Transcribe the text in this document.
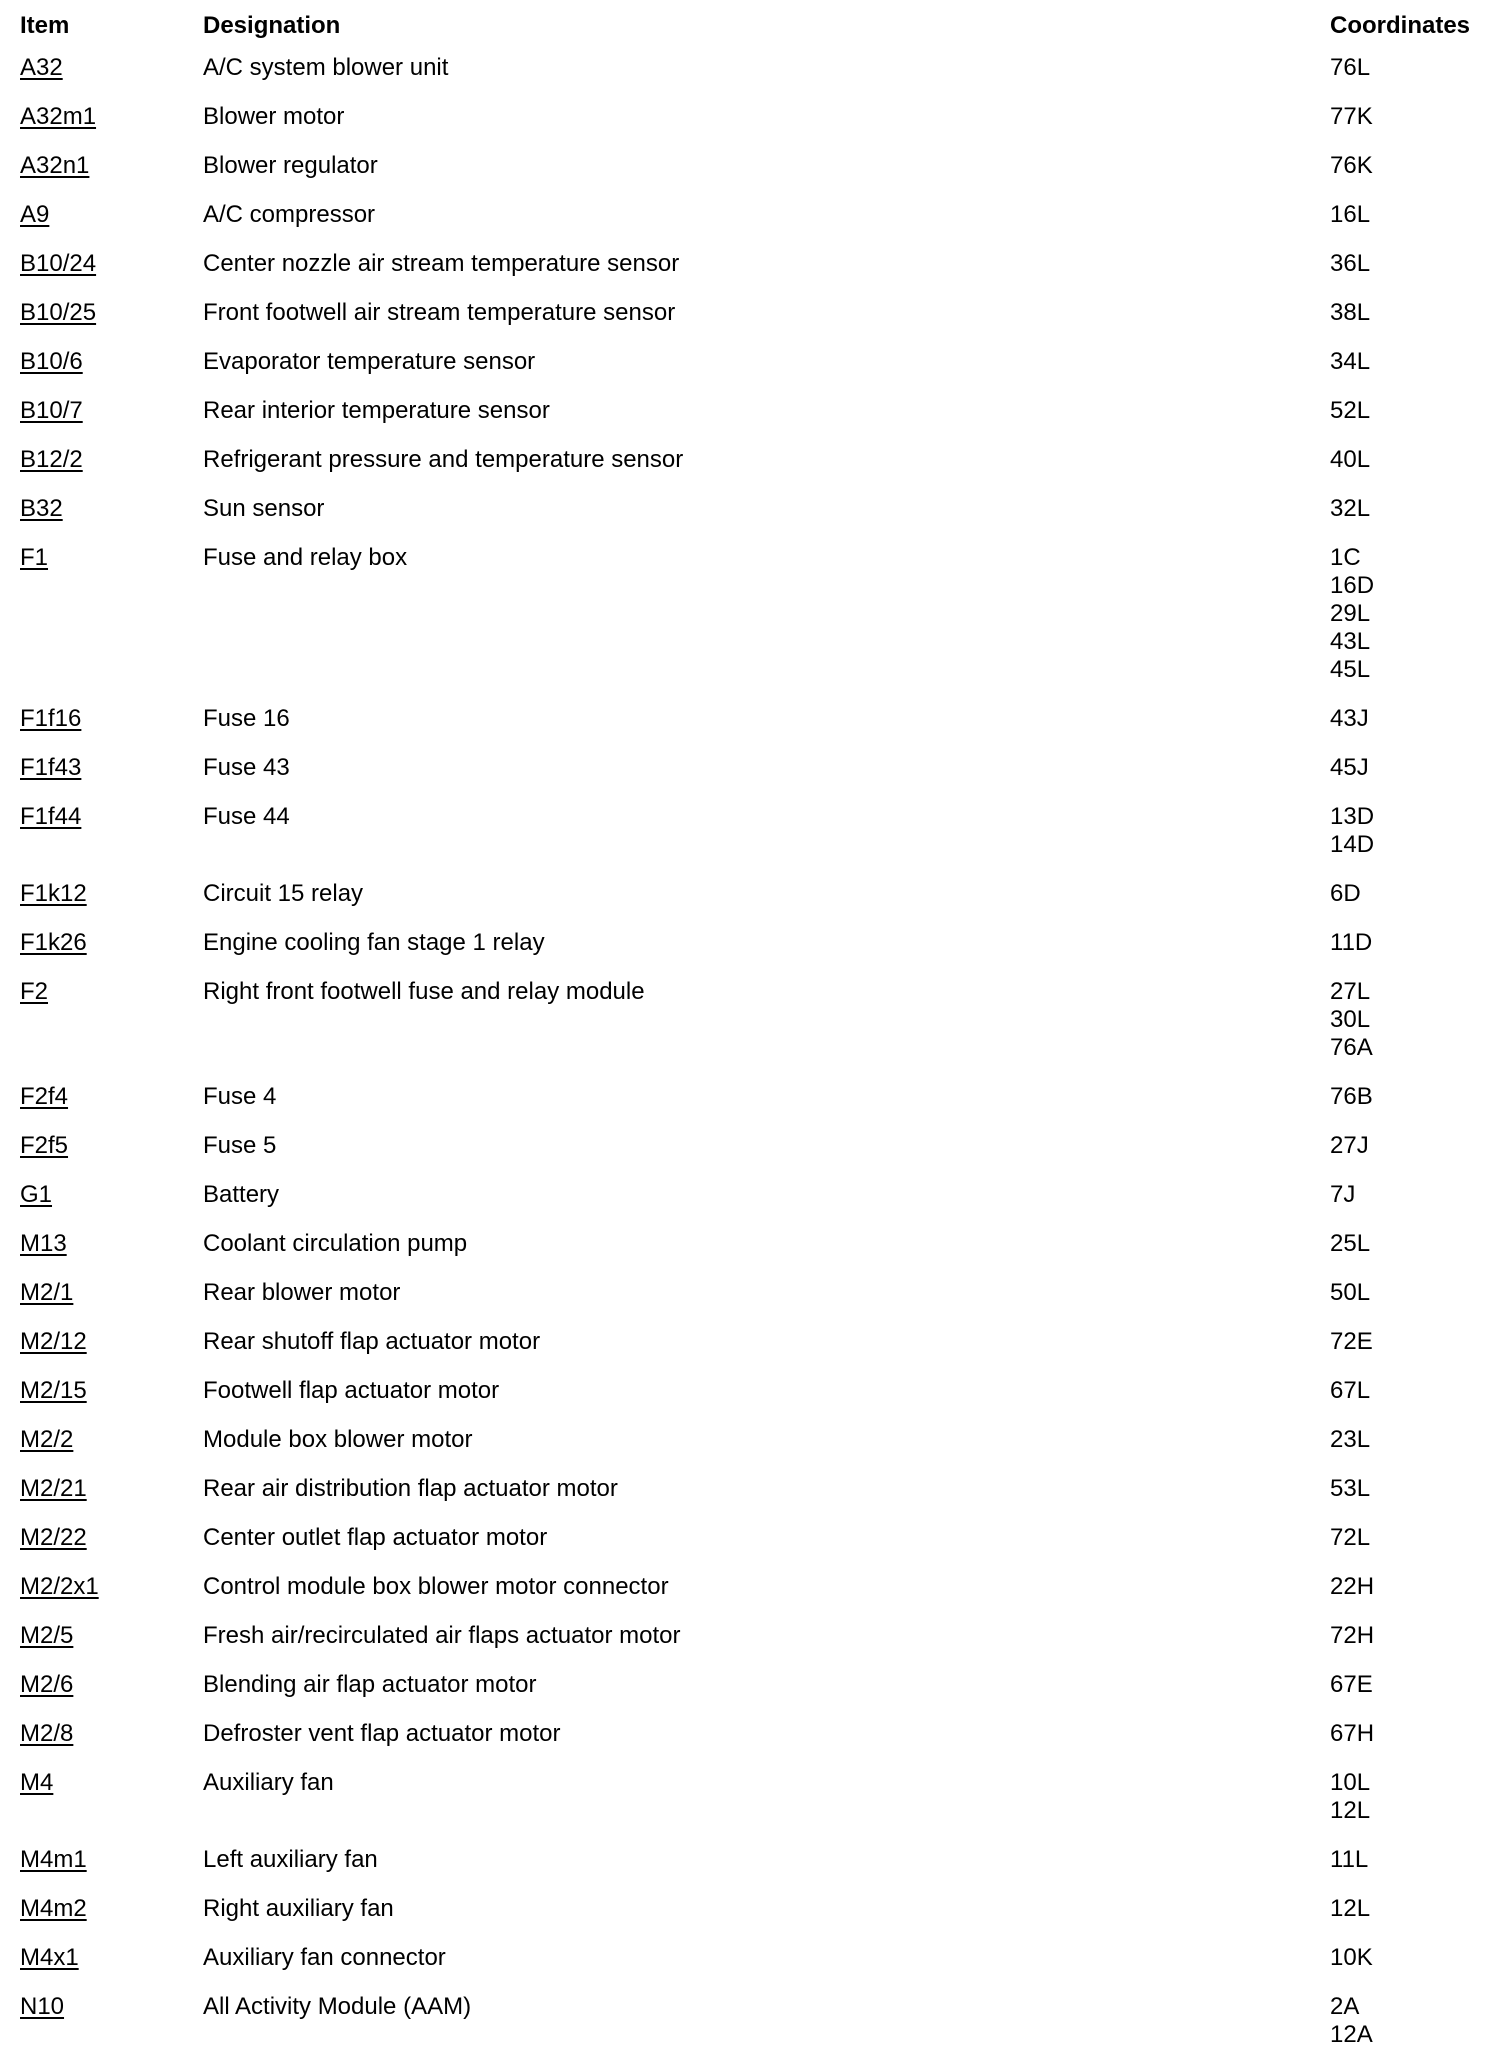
Item	Designation	Coordinates
A32	A/C system blower unit	76L

A32m1	Blower motor	77K

A32n1	Blower regulator	76K

A9	A/C compressor	16L

B10/24	Center nozzle air stream temperature sensor	36L

B10/25	Front footwell air stream temperature sensor	38L

B10/6	Evaporator temperature sensor	34L

B10/7	Rear interior temperature sensor	52L

B12/2	Refrigerant pressure and temperature sensor	40L

B32	Sun sensor	32L

F1	Fuse and relay box	1C
16D
29L
43L
45L

F1f16	Fuse 16	43J

F1f43	Fuse 43	45J

F1f44	Fuse 44	13D
14D

F1k12	Circuit 15 relay	6D

F1k26	Engine cooling fan stage 1 relay	11D

F2	Right front footwell fuse and relay module	27L
30L
76A

F2f4	Fuse 4	76B

F2f5	Fuse 5	27J

G1	Battery	7J

M13	Coolant circulation pump	25L

M2/1	Rear blower motor	50L

M2/12	Rear shutoff flap actuator motor	72E

M2/15	Footwell flap actuator motor	67L

M2/2	Module box blower motor	23L

M2/21	Rear air distribution flap actuator motor	53L

M2/22	Center outlet flap actuator motor	72L

M2/2x1	Control module box blower motor connector	22H

M2/5	Fresh air/recirculated air flaps actuator motor	72H

M2/6	Blending air flap actuator motor	67E

M2/8	Defroster vent flap actuator motor	67H

M4	Auxiliary fan	10L
12L

M4m1	Left auxiliary fan	11L

M4m2	Right auxiliary fan	12L

M4x1	Auxiliary fan connector	10K

N10	All Activity Module (AAM)	2A
12A
